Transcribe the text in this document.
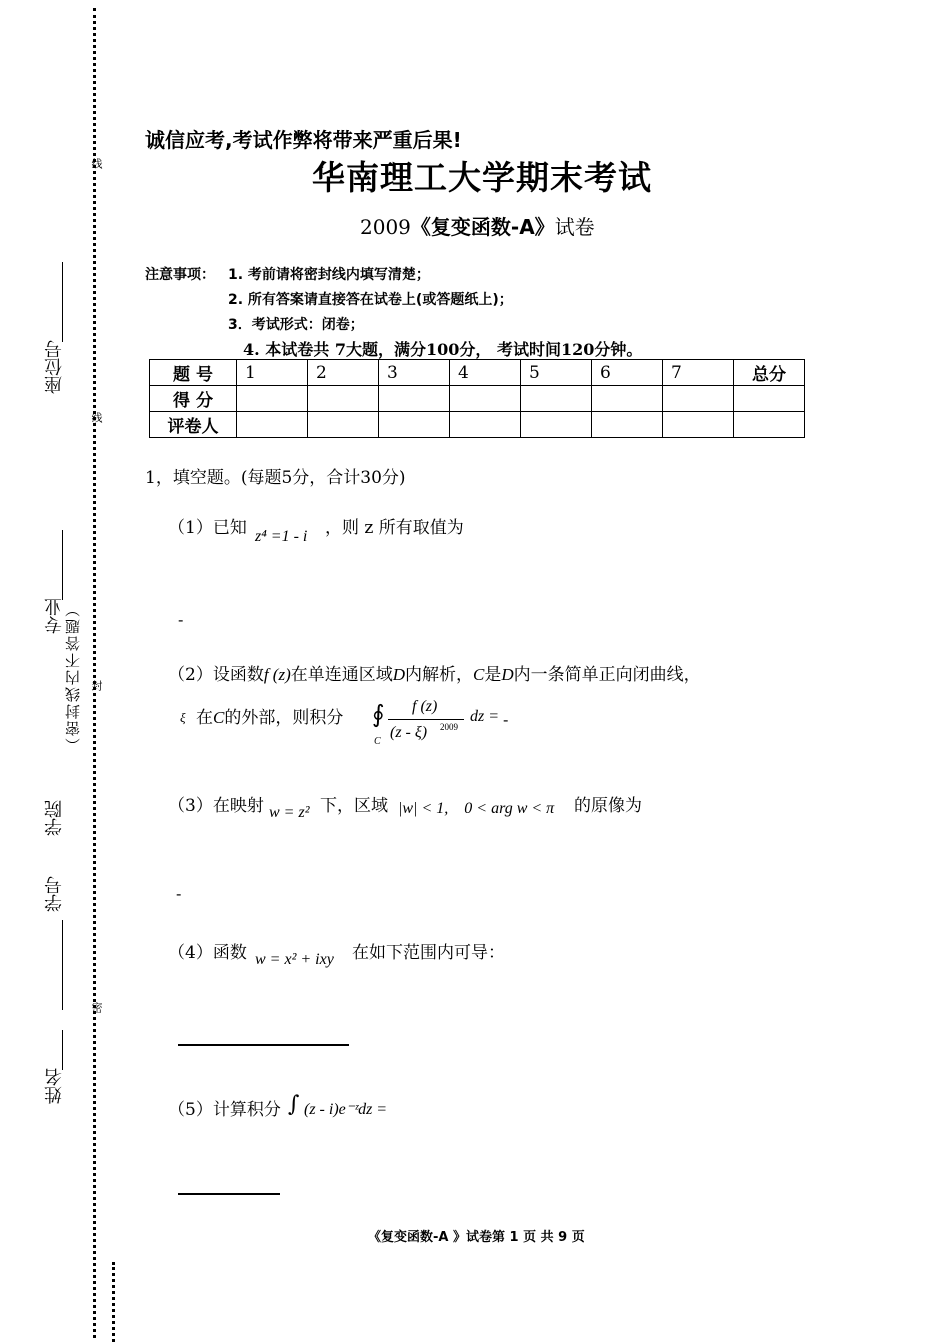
线
线
封
密
座位号
专业 （密封线内不答题）
学院
学号
姓名
诚信应考,考试作弊将带来严重后果!
华南理工大学期末考试
2009《复变函数-A》试卷
注意事项： 1. 考前请将密封线内填写清楚；
2. 所有答案请直接答在试卷上(或答题纸上)；
3．考试形式：闭卷；
4. 本试卷共 7大题，满分100分， 考试时间120分钟。
题 号	1	2	3	4	5	6	7	总分
得 分								
评卷人								
1，填空题。(每题5分，合计30分)
（1）已知 z⁴ =1 - i ，则 z 所有取值为
-
（2）设函数f (z)在单连通区域D内解析，C是D内一条简单正向闭曲线，
ξ 在C的外部，则积分 ∮
C
f (z)
(z - ξ) 2009
dz = -
（3）在映射 w = z² 下，区域 |w| < 1,    0 < arg w < π 的原像为
-
（4）函数 w = x² + ixy 在如下范围内可导：
（5）计算积分 ∫ (z - i)e⁻ᶻdz =
《复变函数-A 》试卷第 1 页 共 9 页
